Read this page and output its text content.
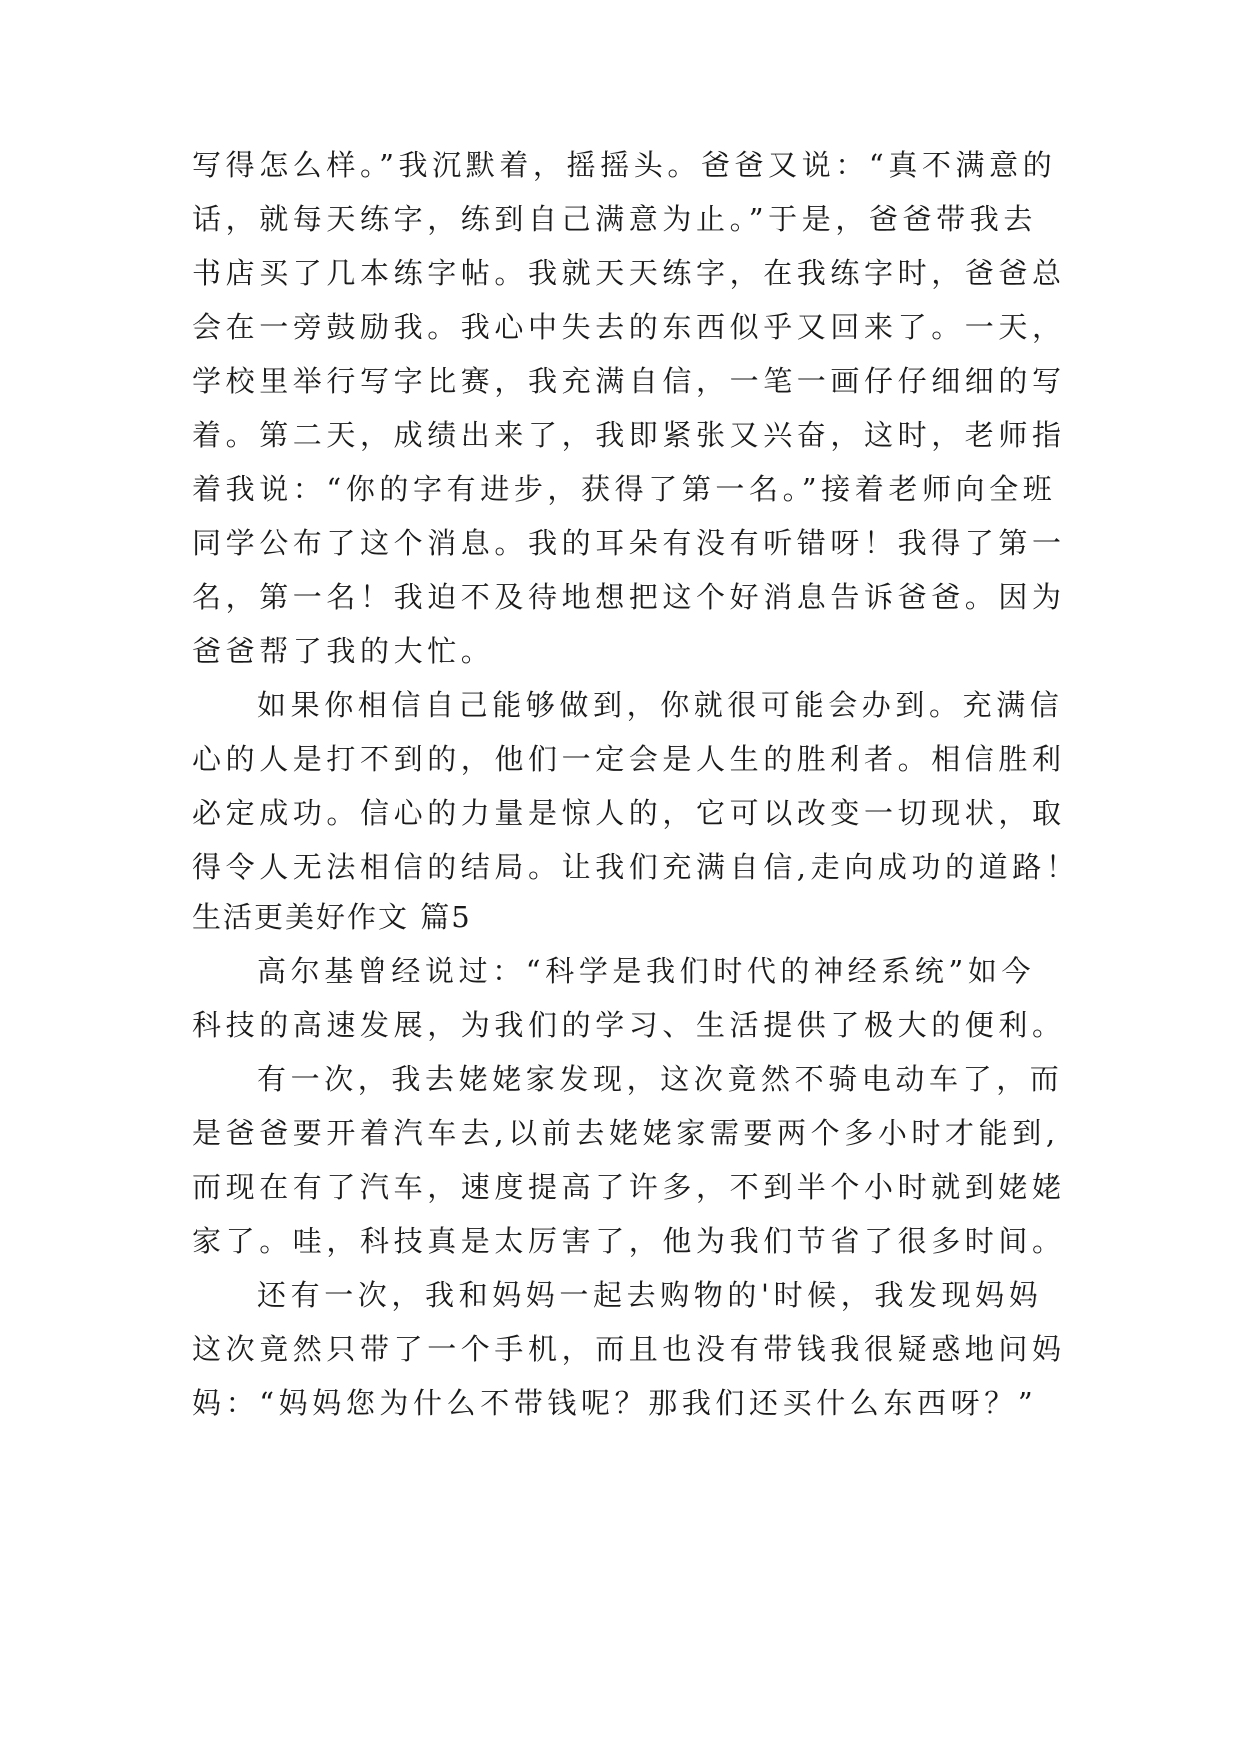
写得怎么样。”我沉默着，摇摇头。爸爸又说：“真不满意的
话，就每天练字，练到自己满意为止。”于是，爸爸带我去
书店买了几本练字帖。我就天天练字，在我练字时，爸爸总
会在一旁鼓励我。我心中失去的东西似乎又回来了。一天，
学校里举行写字比赛，我充满自信，一笔一画仔仔细细的写
着。第二天，成绩出来了，我即紧张又兴奋，这时，老师指
着我说：“你的字有进步，获得了第一名。”接着老师向全班
同学公布了这个消息。我的耳朵有没有听错呀！我得了第一
名，第一名！我迫不及待地想把这个好消息告诉爸爸。因为
爸爸帮了我的大忙。
如果你相信自己能够做到，你就很可能会办到。充满信
心的人是打不到的，他们一定会是人生的胜利者。相信胜利
必定成功。信心的力量是惊人的，它可以改变一切现状，取
得令人无法相信的结局。让我们充满自信,走向成功的道路！
生活更美好作文 篇5
高尔基曾经说过：“科学是我们时代的神经系统”如今
科技的高速发展，为我们的学习、生活提供了极大的便利。
有一次，我去姥姥家发现，这次竟然不骑电动车了，而
是爸爸要开着汽车去,以前去姥姥家需要两个多小时才能到,
而现在有了汽车，速度提高了许多，不到半个小时就到姥姥
家了。哇，科技真是太厉害了，他为我们节省了很多时间。
还有一次，我和妈妈一起去购物的'时候，我发现妈妈
这次竟然只带了一个手机，而且也没有带钱我很疑惑地问妈
妈：“妈妈您为什么不带钱呢？那我们还买什么东西呀？”
